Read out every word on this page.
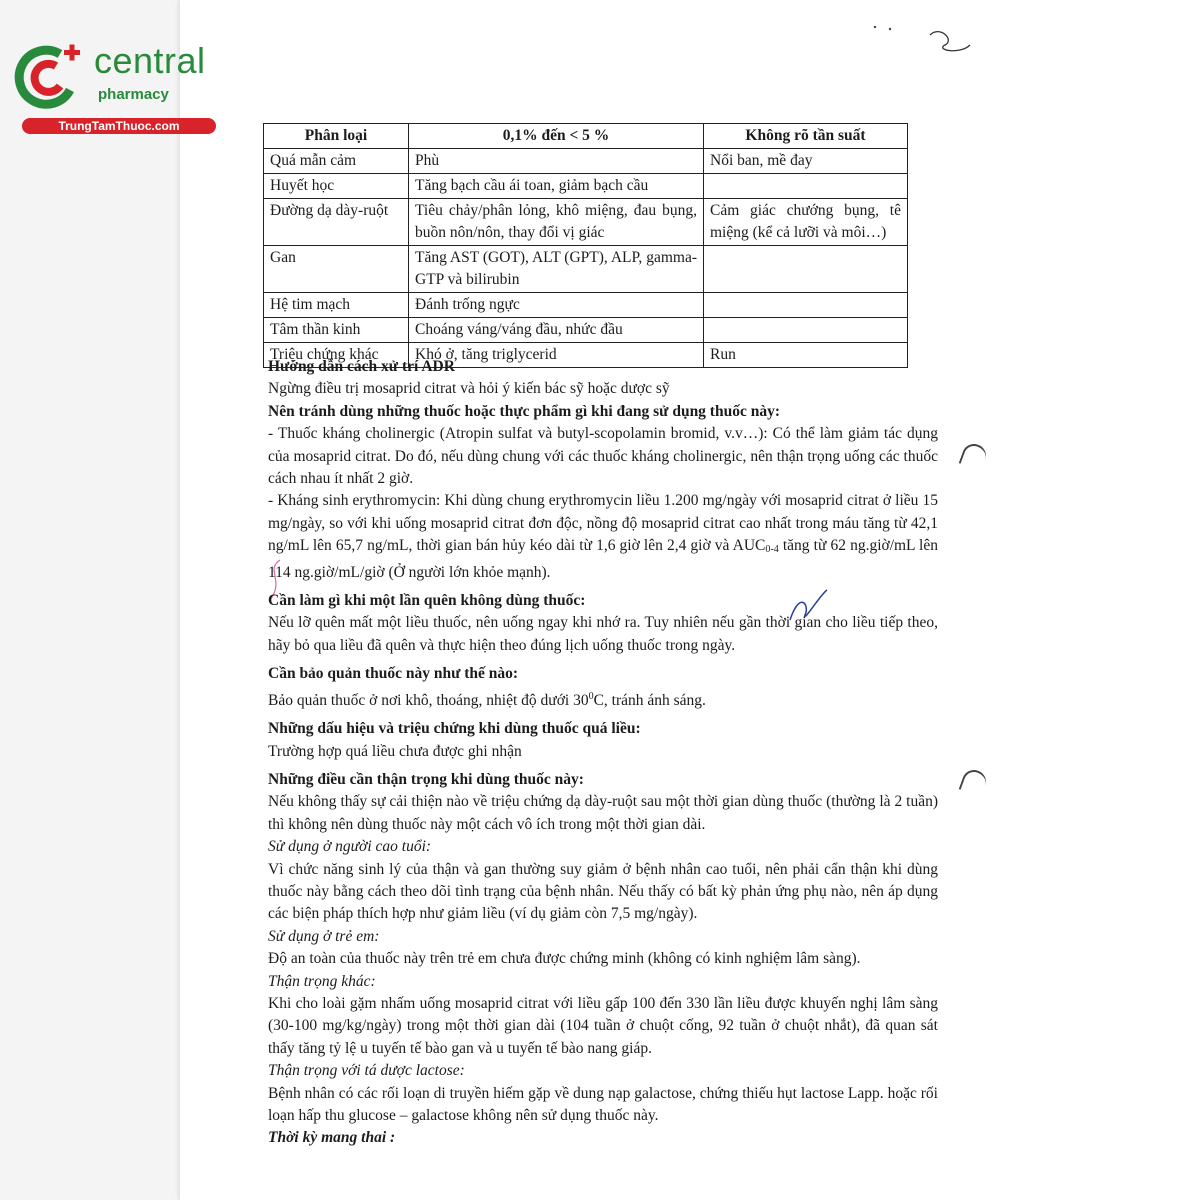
central
pharmacy
TrungTamThuoc.com
Phân loại	0,1% đến < 5 %	Không rõ tần suất
Quá mẫn cảm	Phù	Nổi ban, mề đay
Huyết học	Tăng bạch cầu ái toan, giảm bạch cầu	
Đường dạ dày-ruột	Tiêu chảy/phân lỏng, khô miệng, đau bụng, buồn nôn/nôn, thay đổi vị giác	Cảm giác chướng bụng, tê miệng (kể cả lưỡi và môi…)
Gan	Tăng AST (GOT), ALT (GPT), ALP, gamma-GTP và bilirubin	
Hệ tim mạch	Đánh trống ngực	
Tâm thần kinh	Choáng váng/váng đầu, nhức đầu	
Triệu chứng khác	Khó ở, tăng triglycerid	Run

Hướng dẫn cách xử trí ADR

Ngừng điều trị mosaprid citrat và hỏi ý kiến bác sỹ hoặc dược sỹ

Nên tránh dùng những thuốc hoặc thực phẩm gì khi đang sử dụng thuốc này:

- Thuốc kháng cholinergic (Atropin sulfat và butyl-scopolamin bromid, v.v…): Có thể làm giảm tác dụng của mosaprid citrat. Do đó, nếu dùng chung với các thuốc kháng cholinergic, nên thận trọng uống các thuốc cách nhau ít nhất 2 giờ.

- Kháng sinh erythromycin: Khi dùng chung erythromycin liều 1.200 mg/ngày với mosaprid citrat ở liều 15 mg/ngày, so với khi uống mosaprid citrat đơn độc, nồng độ mosaprid citrat cao nhất trong máu tăng từ 42,1 ng/mL lên 65,7 ng/mL, thời gian bán hủy kéo dài từ 1,6 giờ lên 2,4 giờ và $AUC_{0-4}$ tăng từ 62 ng.giờ/mL lên 114 ng.giờ/mL/giờ (Ở người lớn khỏe mạnh).

Cần làm gì khi một lần quên không dùng thuốc:

Nếu lỡ quên mất một liều thuốc, nên uống ngay khi nhớ ra. Tuy nhiên nếu gần thời gian cho liều tiếp theo, hãy bỏ qua liều đã quên và thực hiện theo đúng lịch uống thuốc trong ngày.

Cần bảo quản thuốc này như thế nào:

Bảo quản thuốc ở nơi khô, thoáng, nhiệt độ dưới $30^0C$, tránh ánh sáng.

Những dấu hiệu và triệu chứng khi dùng thuốc quá liều:

Trường hợp quá liều chưa được ghi nhận

Những điều cần thận trọng khi dùng thuốc này:

Nếu không thấy sự cải thiện nào về triệu chứng dạ dày-ruột sau một thời gian dùng thuốc (thường là 2 tuần) thì không nên dùng thuốc này một cách vô ích trong một thời gian dài.

Sử dụng ở người cao tuổi:

Vì chức năng sinh lý của thận và gan thường suy giảm ở bệnh nhân cao tuổi, nên phải cẩn thận khi dùng thuốc này bằng cách theo dõi tình trạng của bệnh nhân. Nếu thấy có bất kỳ phản ứng phụ nào, nên áp dụng các biện pháp thích hợp như giảm liều (ví dụ giảm còn 7,5 mg/ngày).

Sử dụng ở trẻ em:

Độ an toàn của thuốc này trên trẻ em chưa được chứng minh (không có kinh nghiệm lâm sàng).

Thận trọng khác:

Khi cho loài gặm nhấm uống mosaprid citrat với liều gấp 100 đến 330 lần liều được khuyến nghị lâm sàng (30-100 mg/kg/ngày) trong một thời gian dài (104 tuần ở chuột cống, 92 tuần ở chuột nhắt), đã quan sát thấy tăng tỷ lệ u tuyến tế bào gan và u tuyến tế bào nang giáp.

Thận trọng với tá dược lactose:

Bệnh nhân có các rối loạn di truyền hiếm gặp về dung nạp galactose, chứng thiếu hụt lactose Lapp. hoặc rối loạn hấp thu glucose – galactose không nên sử dụng thuốc này.

Thời kỳ mang thai :
